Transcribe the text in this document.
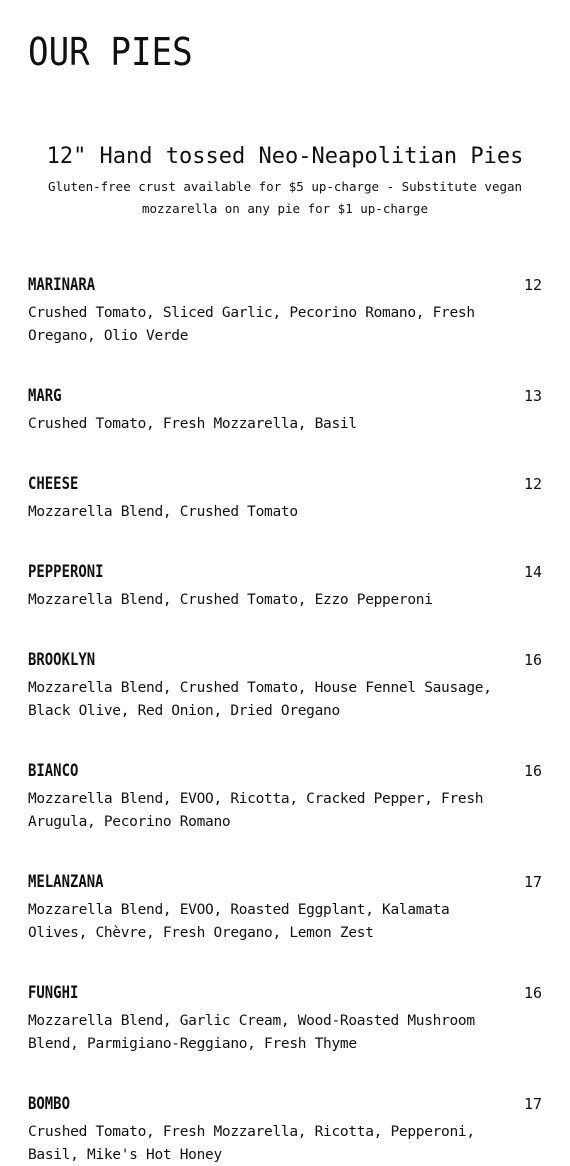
OUR PIES
12" Hand tossed Neo-Neapolitian Pies

Gluten-free crust available for $5 up-charge - Substitute vegan mozzarella on any pie for $1 up-charge

MARINARA	12

Crushed Tomato, Sliced Garlic, Pecorino Romano, Fresh Oregano, Olio Verde

MARG	13

Crushed Tomato, Fresh Mozzarella, Basil

CHEESE	12

Mozzarella Blend, Crushed Tomato

PEPPERONI	14

Mozzarella Blend, Crushed Tomato, Ezzo Pepperoni

BROOKLYN	16

Mozzarella Blend, Crushed Tomato, House Fennel Sausage, Black Olive, Red Onion, Dried Oregano

BIANCO	16

Mozzarella Blend, EVOO, Ricotta, Cracked Pepper, Fresh Arugula, Pecorino Romano

MELANZANA	17

Mozzarella Blend, EVOO, Roasted Eggplant, Kalamata Olives, Chèvre, Fresh Oregano, Lemon Zest

FUNGHI	16

Mozzarella Blend, Garlic Cream, Wood-Roasted Mushroom Blend, Parmigiano-Reggiano, Fresh Thyme

BOMBO	17

Crushed Tomato, Fresh Mozzarella, Ricotta, Pepperoni, Basil, Mike's Hot Honey
